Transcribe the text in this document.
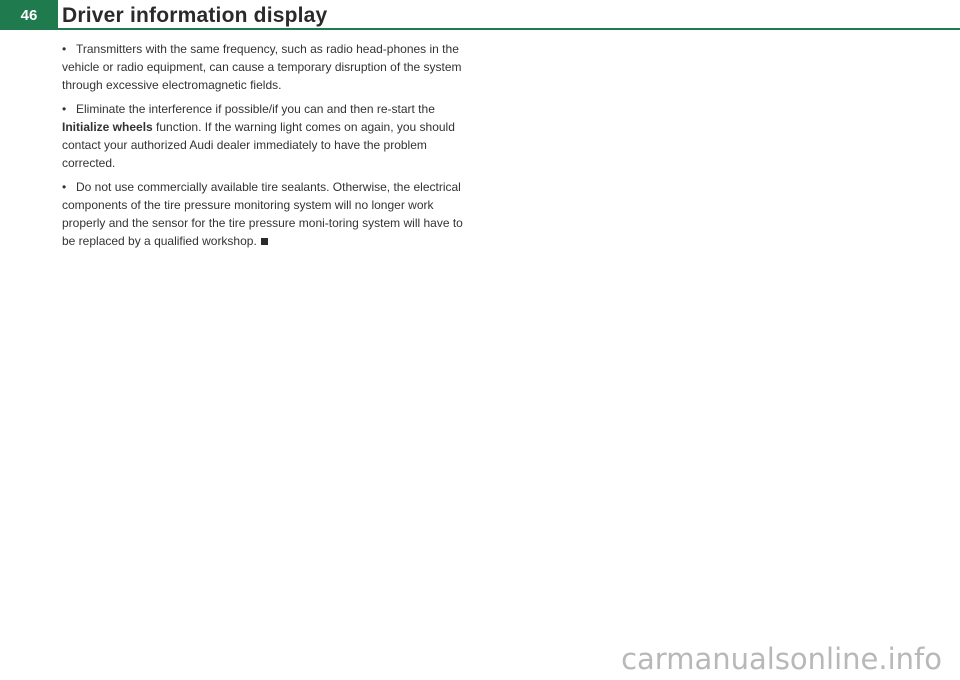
46	Driver information display

• Transmitters with the same frequency, such as radio head-phones in the vehicle or radio equipment, can cause a temporary disruption of the system through excessive electromagnetic fields.

• Eliminate the interference if possible/if you can and then re-start the Initialize wheels function. If the warning light comes on again, you should contact your authorized Audi dealer immediately to have the problem corrected.

• Do not use commercially available tire sealants. Otherwise, the electrical components of the tire pressure monitoring system will no longer work properly and the sensor for the tire pressure moni-toring system will have to be replaced by a qualified workshop.

carmanualsonline.info
